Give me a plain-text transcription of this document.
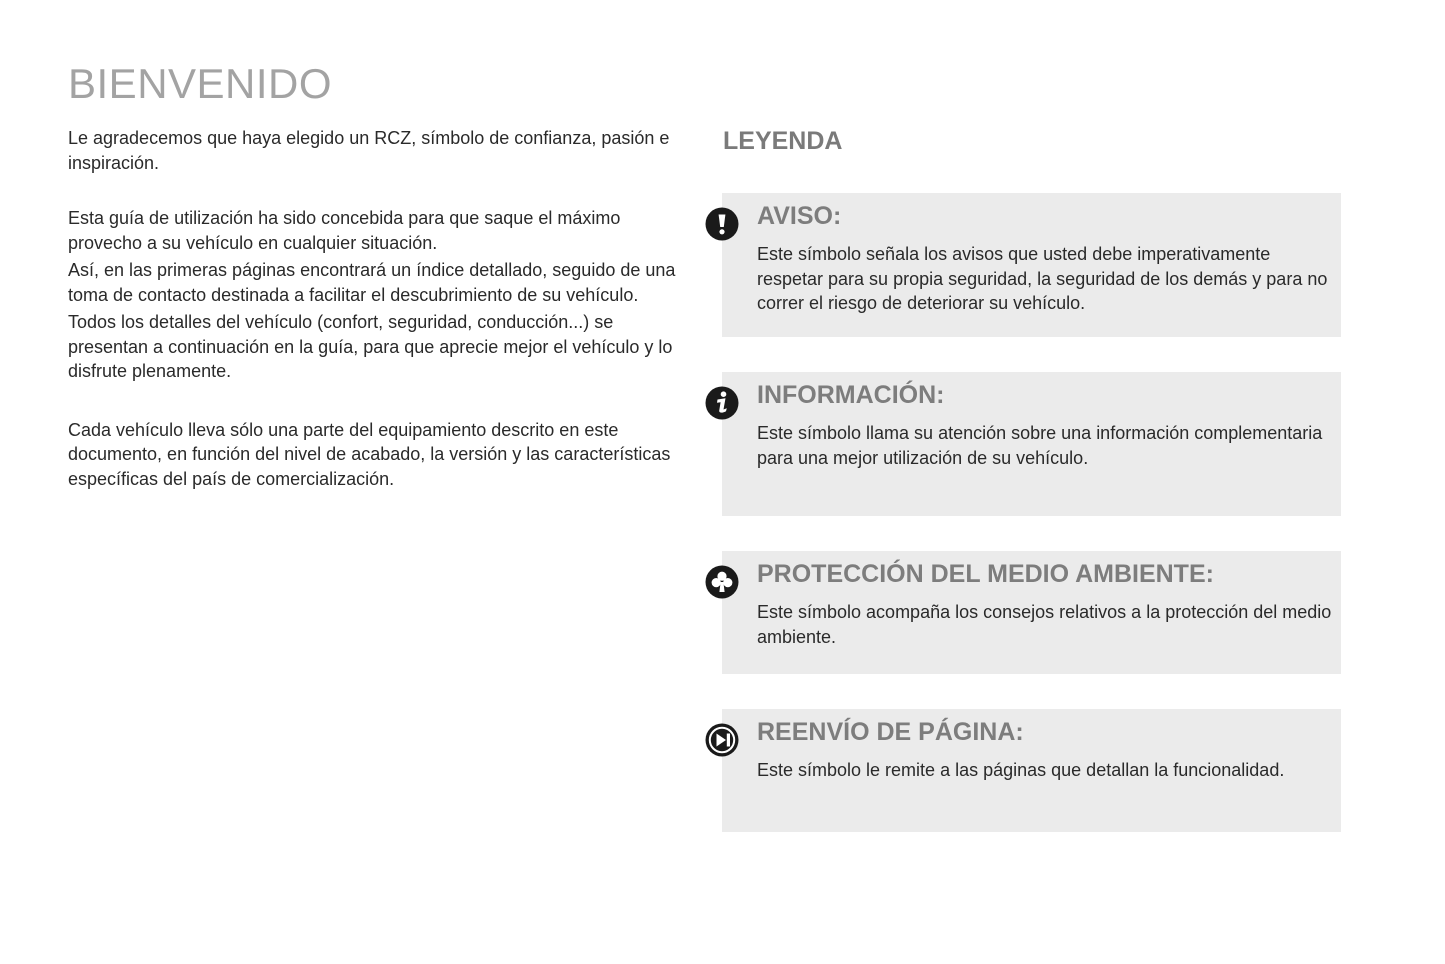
BIENVENIDO

Le agradecemos que haya elegido un RCZ, símbolo de confianza, pasión e inspiración.

Esta guía de utilización ha sido concebida para que saque el máximo provecho a su vehículo en cualquier situación.

Así, en las primeras páginas encontrará un índice detallado, seguido de una toma de contacto destinada a facilitar el descubrimiento de su vehículo.

Todos los detalles del vehículo (confort, seguridad, conducción...) se presentan a continuación en la guía, para que aprecie mejor el vehículo y lo disfrute plenamente.

Cada vehículo lleva sólo una parte del equipamiento descrito en este documento, en función del nivel de acabado, la versión y las características específicas del país de comercialización.

LEYENDA
AVISO:

Este símbolo señala los avisos que usted debe imperativamente respetar para su propia seguridad, la seguridad de los demás y para no correr el riesgo de deteriorar su vehículo.

INFORMACIÓN:

Este símbolo llama su atención sobre una información complementaria para una mejor utilización de su vehículo.

PROTECCIÓN DEL MEDIO AMBIENTE:

Este símbolo acompaña los consejos relativos a la protección del medio ambiente.

REENVÍO DE PÁGINA:

Este símbolo le remite a las páginas que detallan la funcionalidad.
